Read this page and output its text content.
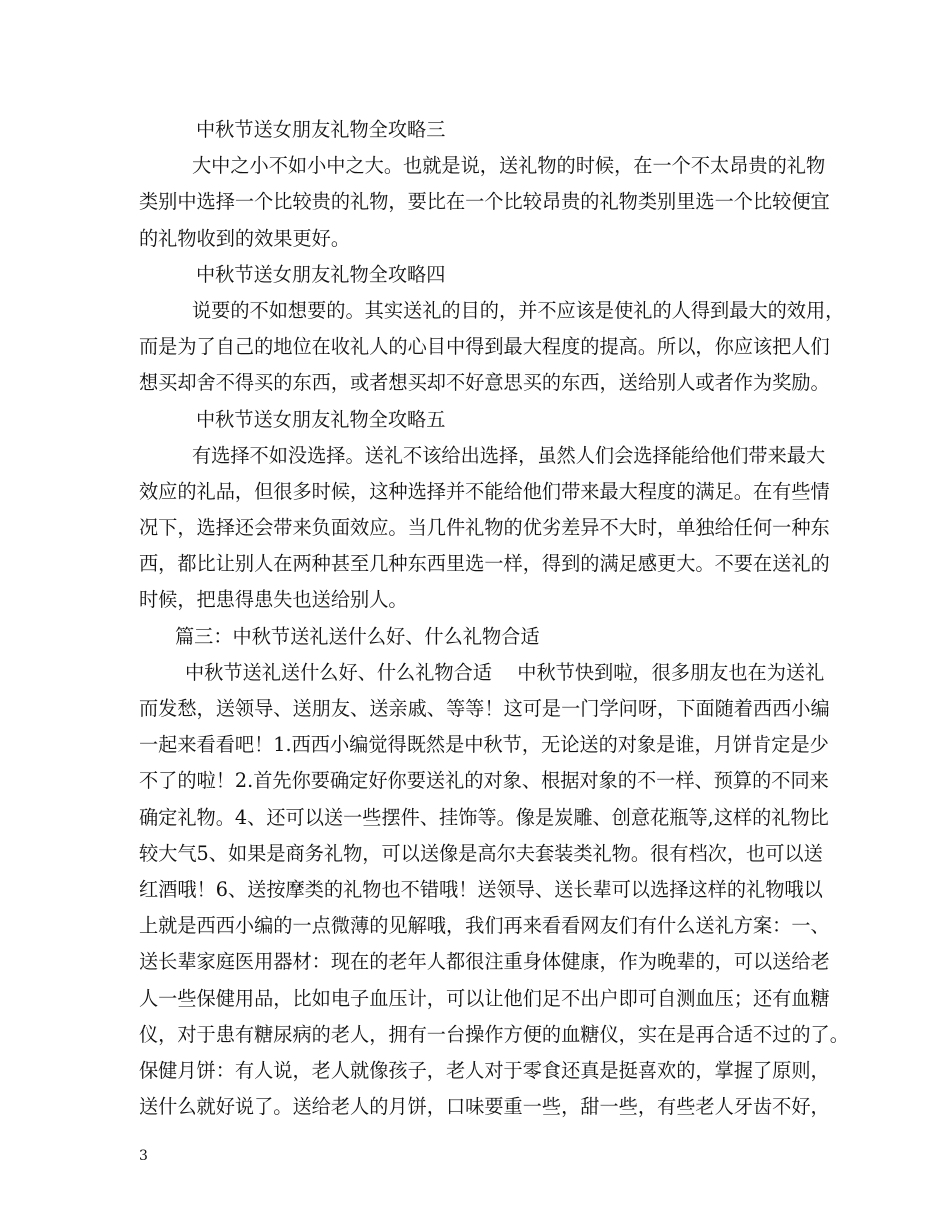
中秋节送女朋友礼物全攻略三
大中之小不如小中之大。也就是说，送礼物的时候，在一个不太昂贵的礼物
类别中选择一个比较贵的礼物，要比在一个比较昂贵的礼物类别里选一个比较便宜
的礼物收到的效果更好。
中秋节送女朋友礼物全攻略四
说要的不如想要的。其实送礼的目的，并不应该是使礼的人得到最大的效用，
而是为了自己的地位在收礼人的心目中得到最大程度的提高。所以，你应该把人们
想买却舍不得买的东西，或者想买却不好意思买的东西，送给别人或者作为奖励。
中秋节送女朋友礼物全攻略五
有选择不如没选择。送礼不该给出选择，虽然人们会选择能给他们带来最大
效应的礼品，但很多时候，这种选择并不能给他们带来最大程度的满足。在有些情
况下，选择还会带来负面效应。当几件礼物的优劣差异不大时，单独给任何一种东
西，都比让别人在两种甚至几种东西里选一样，得到的满足感更大。不要在送礼的
时候，把患得患失也送给别人。
篇三：中秋节送礼送什么好、什么礼物合适
中秋节送礼送什么好、什么礼物合适　 中秋节快到啦，很多朋友也在为送礼
而发愁，送领导、送朋友、送亲戚、等等！这可是一门学问呀，下面随着西西小编
一起来看看吧！1.西西小编觉得既然是中秋节，无论送的对象是谁，月饼肯定是少
不了的啦！2.首先你要确定好你要送礼的对象、根据对象的不一样、预算的不同来
确定礼物。4、还可以送一些摆件、挂饰等。像是炭雕、创意花瓶等,这样的礼物比
较大气5、如果是商务礼物，可以送像是高尔夫套装类礼物。很有档次，也可以送
红酒哦！6、送按摩类的礼物也不错哦！送领导、送长辈可以选择这样的礼物哦以
上就是西西小编的一点微薄的见解哦，我们再来看看网友们有什么送礼方案：一、
送长辈家庭医用器材：现在的老年人都很注重身体健康，作为晚辈的，可以送给老
人一些保健用品，比如电子血压计，可以让他们足不出户即可自测血压；还有血糖
仪，对于患有糖尿病的老人，拥有一台操作方便的血糖仪，实在是再合适不过的了。
保健月饼：有人说，老人就像孩子，老人对于零食还真是挺喜欢的，掌握了原则，
送什么就好说了。送给老人的月饼，口味要重一些，甜一些，有些老人牙齿不好，
3
